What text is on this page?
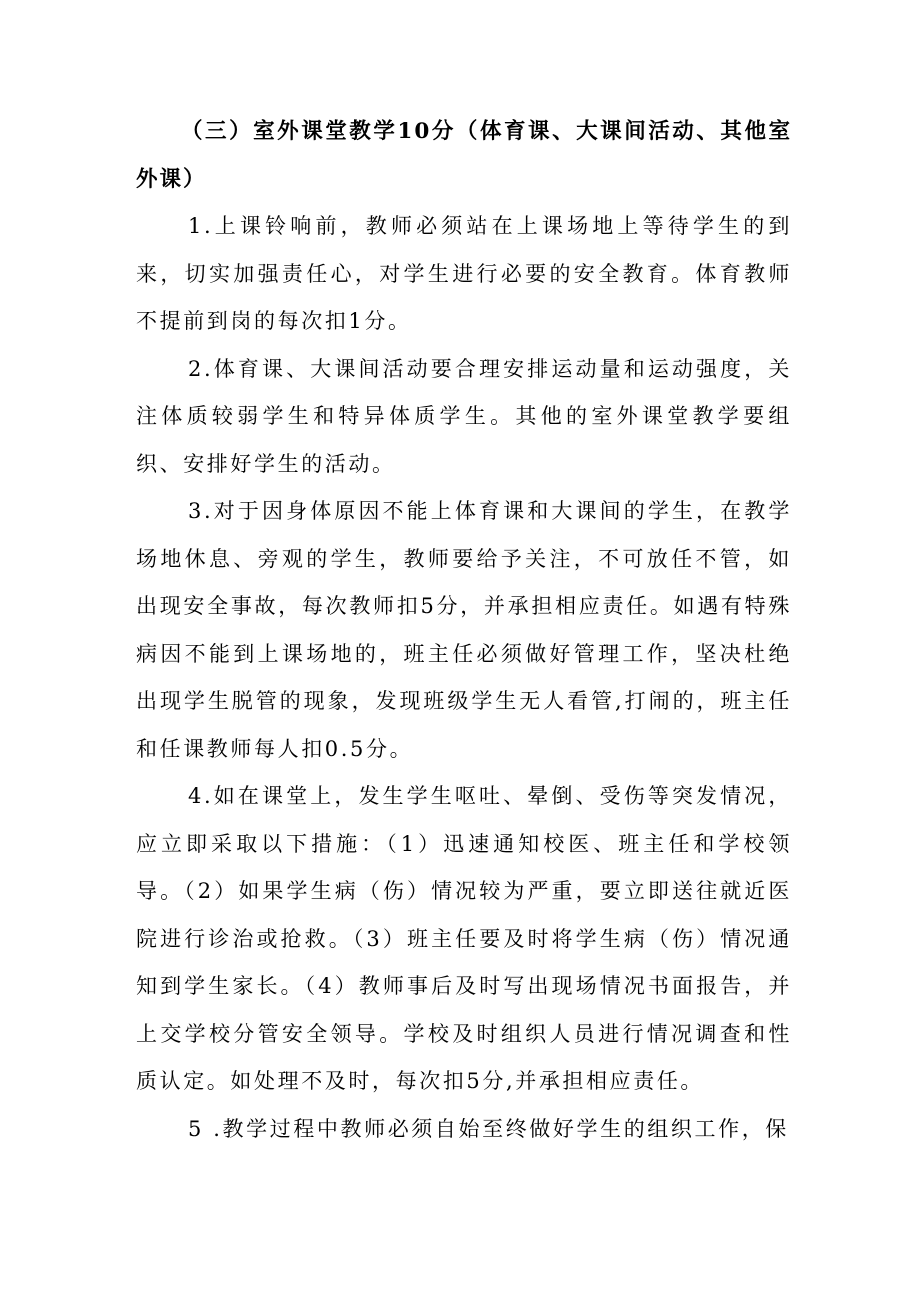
（三）室外课堂教学10分（体育课、大课间活动、其他室外课）

1.上课铃响前，教师必须站在上课场地上等待学生的到来，切实加强责任心，对学生进行必要的安全教育。体育教师不提前到岗的每次扣1分。

2.体育课、大课间活动要合理安排运动量和运动强度，关注体质较弱学生和特异体质学生。其他的室外课堂教学要组织、安排好学生的活动。

3.对于因身体原因不能上体育课和大课间的学生，在教学场地休息、旁观的学生，教师要给予关注，不可放任不管，如出现安全事故，每次教师扣5分，并承担相应责任。如遇有特殊病因不能到上课场地的，班主任必须做好管理工作，坚决杜绝出现学生脱管的现象，发现班级学生无人看管,打闹的，班主任和任课教师每人扣0.5分。

4.如在课堂上，发生学生呕吐、晕倒、受伤等突发情况，应立即采取以下措施：（1）迅速通知校医、班主任和学校领导。（2）如果学生病（伤）情况较为严重，要立即送往就近医院进行诊治或抢救。（3）班主任要及时将学生病（伤）情况通知到学生家长。（4）教师事后及时写出现场情况书面报告，并上交学校分管安全领导。学校及时组织人员进行情况调查和性质认定。如处理不及时，每次扣5分,并承担相应责任。

5 .教学过程中教师必须自始至终做好学生的组织工作，保
